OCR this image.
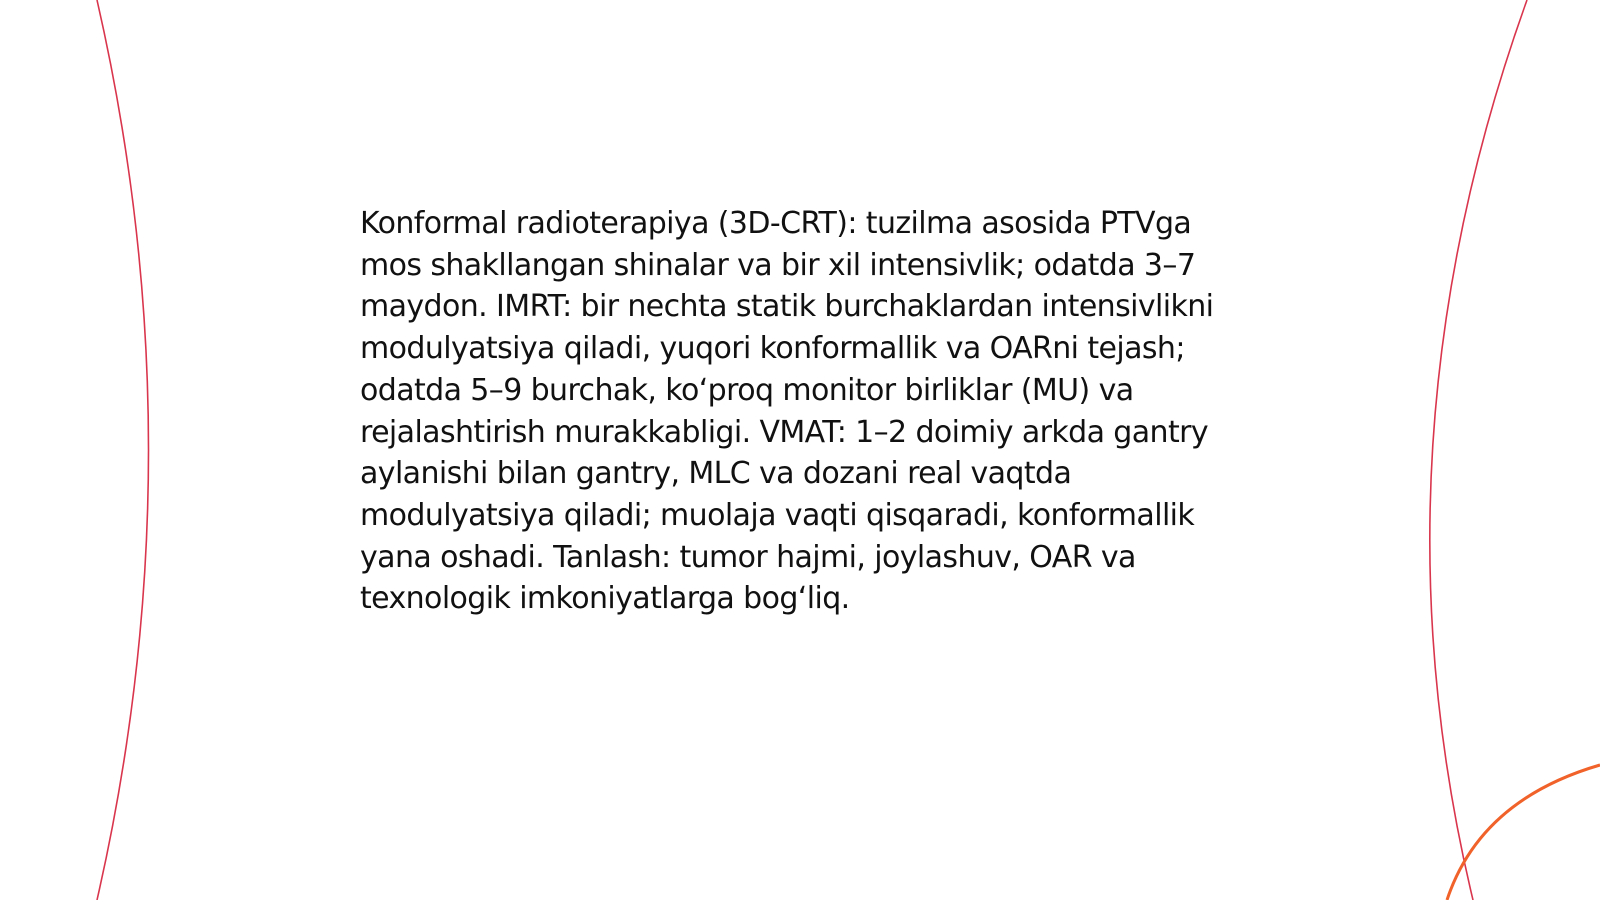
Konformal radioterapiya (3D-CRT): tuzilma asosida PTVga mos shakllangan shinalar va bir xil intensivlik; odatda 3–7 maydon. IMRT: bir nechta statik burchaklardan intensivlikni modulyatsiya qiladi, yuqori konformallik va OARni tejash; odatda 5–9 burchak, ko‘proq monitor birliklar (MU) va rejalashtirish murakkabligi. VMAT: 1–2 doimiy arkda gantry aylanishi bilan gantry, MLC va dozani real vaqtda modulyatsiya qiladi; muolaja vaqti qisqaradi, konformallik yana oshadi. Tanlash: tumor hajmi, joylashuv, OAR va texnologik imkoniyatlarga bog‘liq.
